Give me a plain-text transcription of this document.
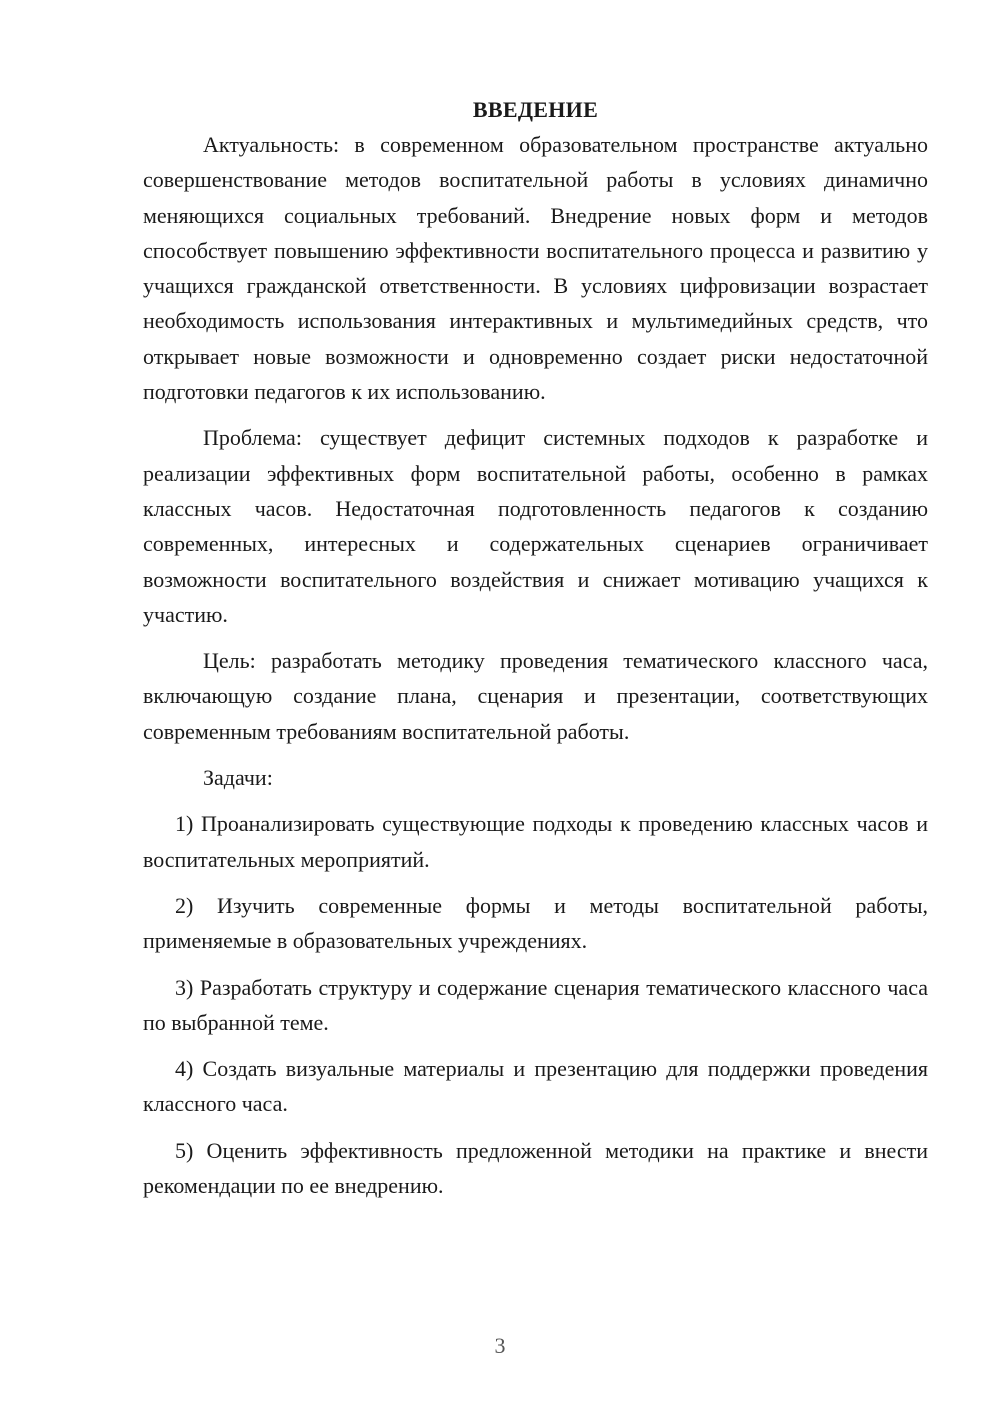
ВВЕДЕНИЕ

Актуальность: в современном образовательном пространстве актуально совершенствование методов воспитательной работы в условиях динамично меняющихся социальных требований. Внедрение новых форм и методов способствует повышению эффективности воспитательного процесса и развитию у учащихся гражданской ответственности. В условиях цифровизации возрастает необходимость использования интерактивных и мультимедийных средств, что открывает новые возможности и одновременно создает риски недостаточной подготовки педагогов к их использованию.

Проблема: существует дефицит системных подходов к разработке и реализации эффективных форм воспитательной работы, особенно в рамках классных часов. Недостаточная подготовленность педагогов к созданию современных, интересных и содержательных сценариев ограничивает возможности воспитательного воздействия и снижает мотивацию учащихся к участию.

Цель: разработать методику проведения тематического классного часа, включающую создание плана, сценария и презентации, соответствующих современным требованиям воспитательной работы.

Задачи:

1) Проанализировать существующие подходы к проведению классных часов и воспитательных мероприятий.

2) Изучить современные формы и методы воспитательной работы, применяемые в образовательных учреждениях.

3) Разработать структуру и содержание сценария тематического классного часа по выбранной теме.

4) Создать визуальные материалы и презентацию для поддержки проведения классного часа.

5) Оценить эффективность предложенной методики на практике и внести рекомендации по ее внедрению.

3
